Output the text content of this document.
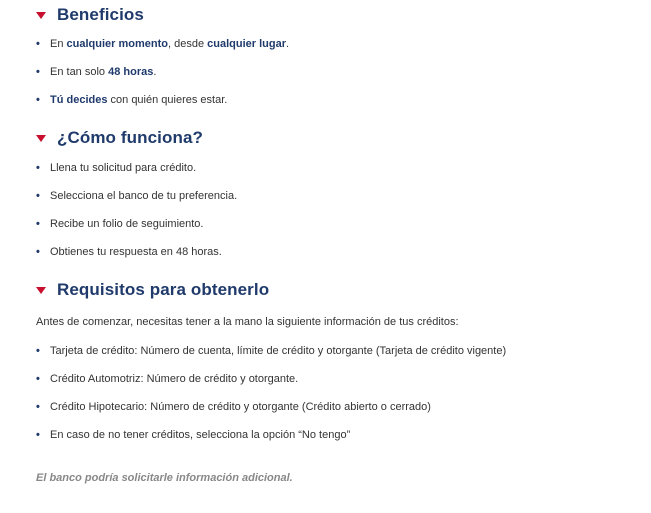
Beneficios
• En cualquier momento, desde cualquier lugar.
• En tan solo 48 horas.
• Tú decides con quién quieres estar.
¿Cómo funciona?
• Llena tu solicitud para crédito.
• Selecciona el banco de tu preferencia.
• Recibe un folio de seguimiento.
• Obtienes tu respuesta en 48 horas.
Requisitos para obtenerlo
Antes de comenzar, necesitas tener a la mano la siguiente información de tus créditos:
• Tarjeta de crédito: Número de cuenta, límite de crédito y otorgante (Tarjeta de crédito vigente)
• Crédito Automotriz: Número de crédito y otorgante.
• Crédito Hipotecario: Número de crédito y otorgante (Crédito abierto o cerrado)
• En caso de no tener créditos, selecciona la opción “No tengo”
El banco podría solicitarle información adicional.
